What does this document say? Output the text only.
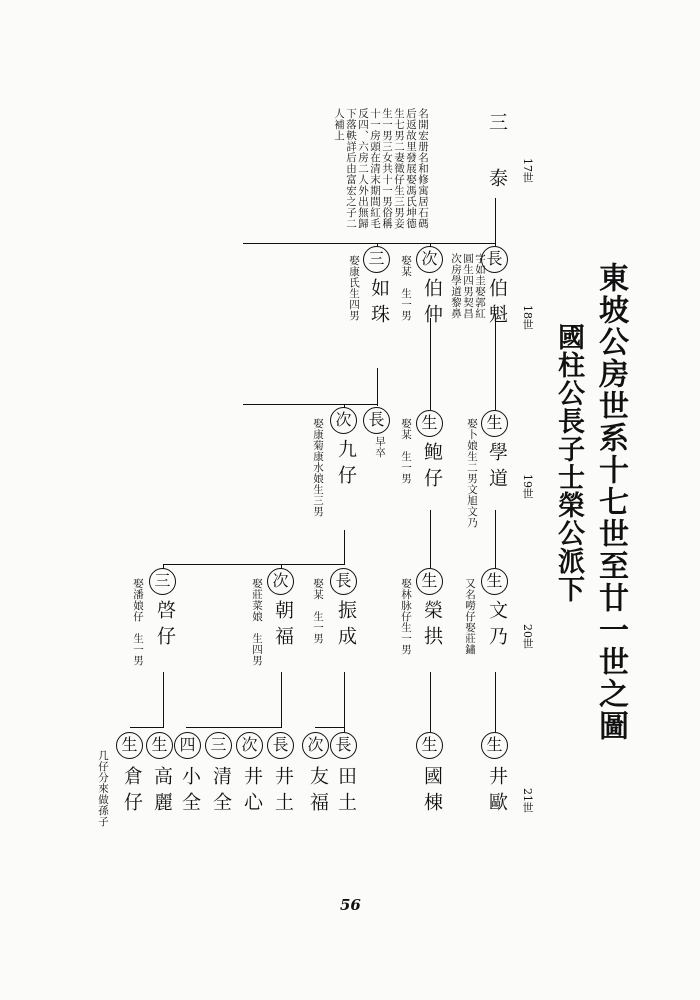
東坡公房世系十七世至廿一世之圖
國柱公長子士榮公派下
17世
18世
19世
20世
21世
三
泰
名開宏册名和修寓居石碼后返故里發展娶馮氏坤德生七男二妻徵仔生三男妾生一男三女共十一男俗稱十一房頭在清末期間紅毛反四、六房二人外出無歸下落軼詳后由富宏之子二人補上
長
伯魁
字如圭娶郭紅圓生四男契昌次房學道黎鼻
次
伯仲
娶某　生一男
三
如珠
娶康氏生四男
生
學道
娶卜娘生二男文旭文乃
生
鲍仔
娶某　生一男
長
早卒
次
九仔
娶康菊康水娘生三男
生
文乃
又名嘮仔娶莊鏽
生
榮拱
娶林脉仔生一男
長
振成
娶某　生一男
次
朝福
娶莊菜娘　生四男
三
啓仔
娶潘娘仔　生一男
生
井歐
生
國棟
長
田土
次
友福
長
井土
次
井心
三
清全
四
小全
生
高麗
生
倉仔
几仔分來做孫子
56
